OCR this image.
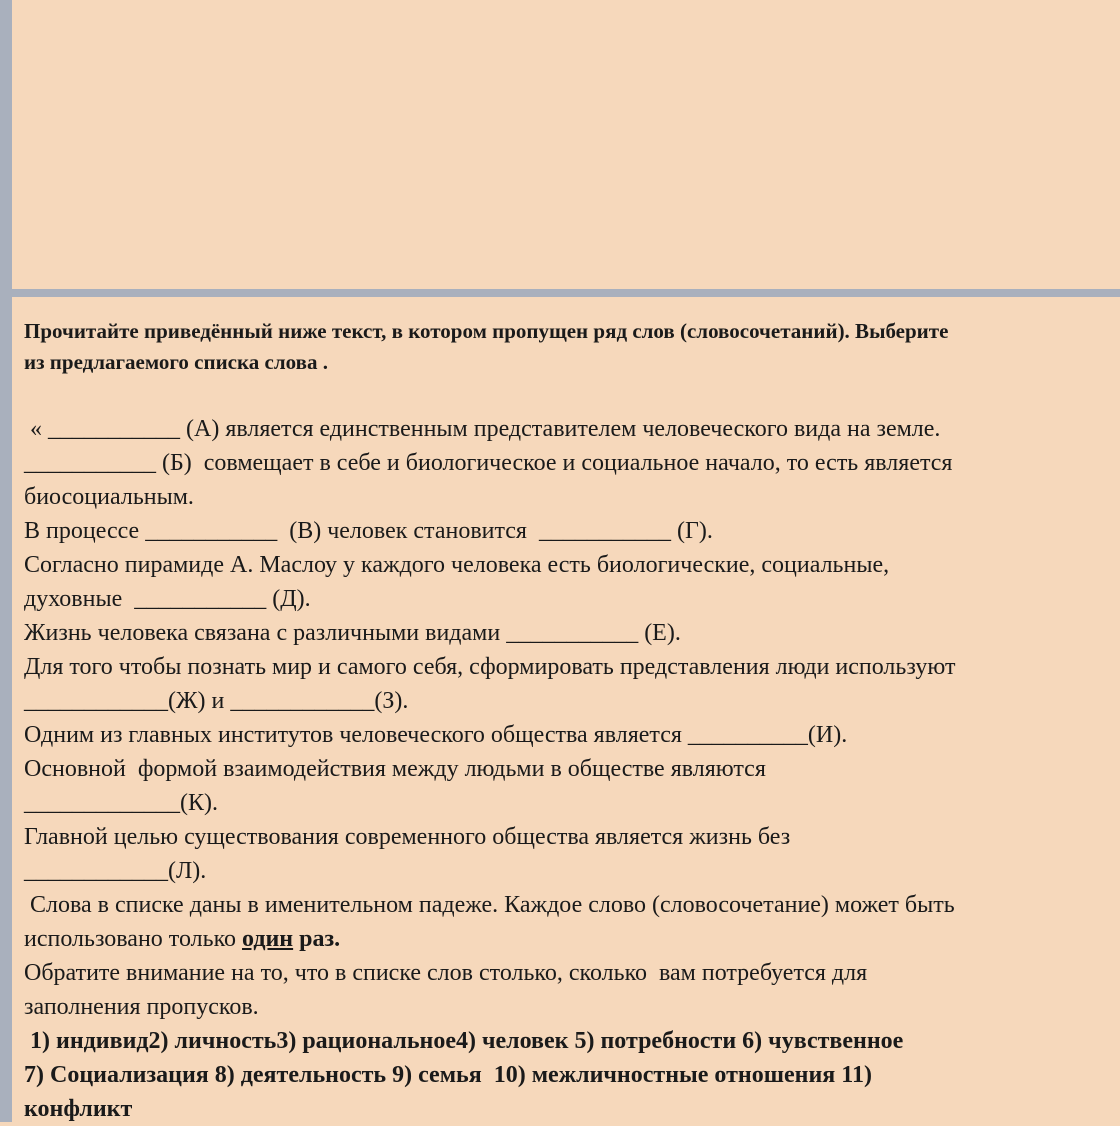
Прочитайте приведённый ниже текст, в котором пропущен ряд слов (словосочетаний). Выберите
из предлагаемого списка слова .
« ___________ (А) является единственным представителем человеческого вида на земле.
___________ (Б)  совмещает в себе и биологическое и социальное начало, то есть является
биосоциальным.
В процессе ___________  (В) человек становится  ___________ (Г).
Согласно пирамиде А. Маслоу у каждого человека есть биологические, социальные,
духовные  ___________ (Д).
Жизнь человека связана с различными видами ___________ (Е).
Для того чтобы познать мир и самого себя, сформировать представления люди используют
____________(Ж) и ____________(З).
Одним из главных институтов человеческого общества является __________(И).
Основной  формой взаимодействия между людьми в обществе являются
_____________(К).
Главной целью существования современного общества является жизнь без
____________(Л).
Слова в списке даны в именительном падеже. Каждое слово (словосочетание) может быть
использовано только один раз.
Обратите внимание на то, что в списке слов столько, сколько  вам потребуется для
заполнения пропусков.
1) индивид2) личность3) рациональное4) человек 5) потребности 6) чувственное
7) Социализация 8) деятельность 9) семья  10) межличностные отношения 11)
конфликт
